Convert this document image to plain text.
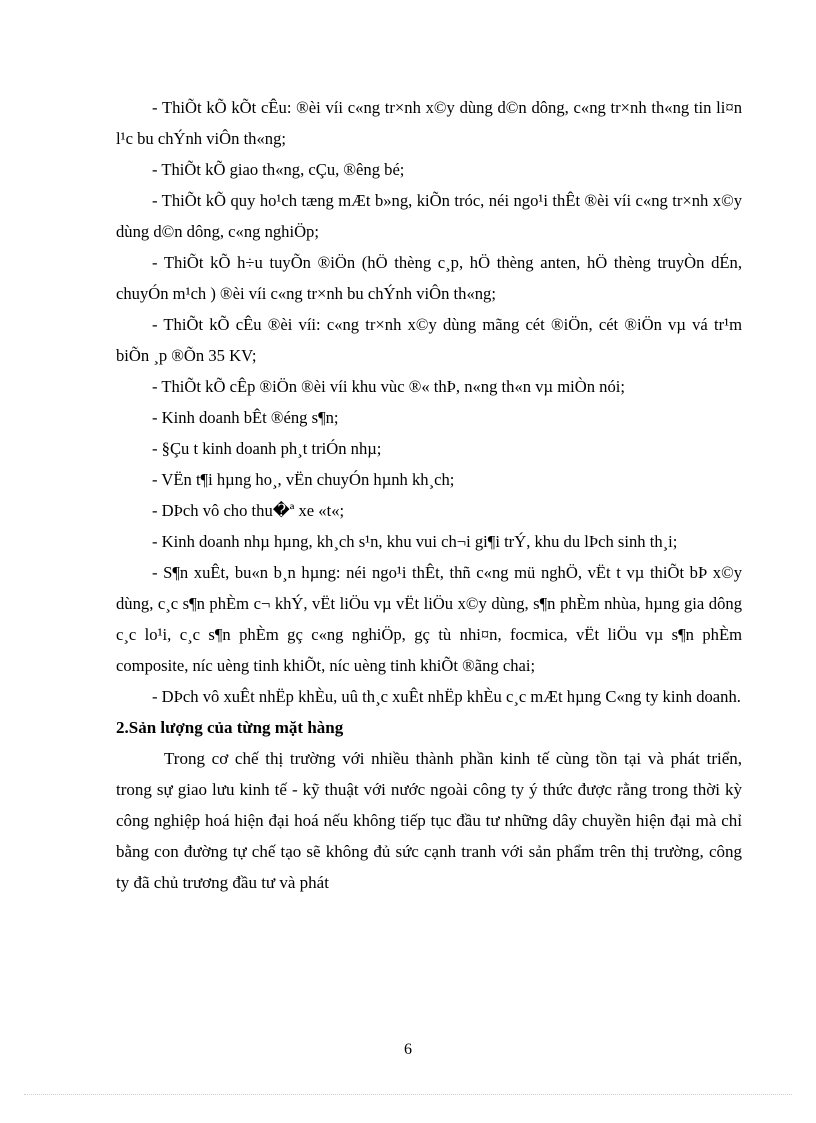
- ThiÕt kÕ kÕt cÊu: ®èi víi c«ng tr×nh x©y dùng d©n dông, c«ng tr×nh th«ng tin li¤n l¹c bu chÝnh viÔn th«ng;

- ThiÕt kÕ giao th«ng, cÇu, ®êng bé;

- ThiÕt kÕ quy ho¹ch tæng mÆt b»ng, kiÕn tróc, néi ngo¹i thÊt ®èi víi c«ng tr×nh x©y dùng d©n dông, c«ng nghiÖp;

- ThiÕt kÕ h÷u tuyÕn ®iÖn (hÖ thèng c¸p, hÖ thèng anten, hÖ thèng truyÒn dÉn, chuyÓn m¹ch ) ®èi víi c«ng tr×nh bu chÝnh viÔn th«ng;

- ThiÕt kÕ cÊu ®èi víi: c«ng tr×nh x©y dùng mãng cét ®iÖn, cét ®iÖn vµ vá tr¹m biÕn ¸p ®Õn 35 KV;

- ThiÕt kÕ cÊp ®iÖn ®èi víi khu vùc ®« thÞ, n«ng th«n vµ miÒn nói;

- Kinh doanh bÊt ®éng s¶n;

- §Çu t kinh doanh ph¸t triÓn nhµ;

- VËn t¶i hµng ho¸, vËn chuyÓn hµnh kh¸ch;

- DÞch vô cho thu�ª xe «t«;

- Kinh doanh nhµ hµng, kh¸ch s¹n, khu vui ch¬i gi¶i trÝ, khu du lÞch sinh th¸i;

- S¶n xuÊt, bu«n b¸n hµng: néi ngo¹i thÊt, thñ c«ng mü nghÖ, vËt t vµ thiÕt bÞ x©y dùng, c¸c s¶n phÈm c¬ khÝ, vËt liÖu vµ vËt liÖu x©y dùng, s¶n phÈm nhùa, hµng gia dông c¸c lo¹i, c¸c s¶n phÈm gç c«ng nghiÖp, gç tù nhi¤n, focmica, vËt liÖu vµ s¶n phÈm composite, níc uèng tinh khiÕt, níc uèng tinh khiÕt ®ãng chai;

- DÞch vô xuÊt nhËp khÈu, uû th¸c xuÊt nhËp khÈu c¸c mÆt hµng C«ng ty kinh doanh.

2.Sản lượng của từng mặt hàng

Trong cơ chế thị trường với nhiều thành phần kinh tế cùng tồn tại và phát triển, trong sự giao lưu kinh tế - kỹ thuật với nước ngoài công ty ý thức được rằng trong thời kỳ công nghiệp hoá hiện đại hoá nếu không tiếp tục đầu tư những dây chuyền hiện đại mà chỉ bằng con đường tự chế tạo sẽ không đủ sức cạnh tranh với sản phẩm trên thị trường, công ty đã chủ trương đầu tư và phát

6
